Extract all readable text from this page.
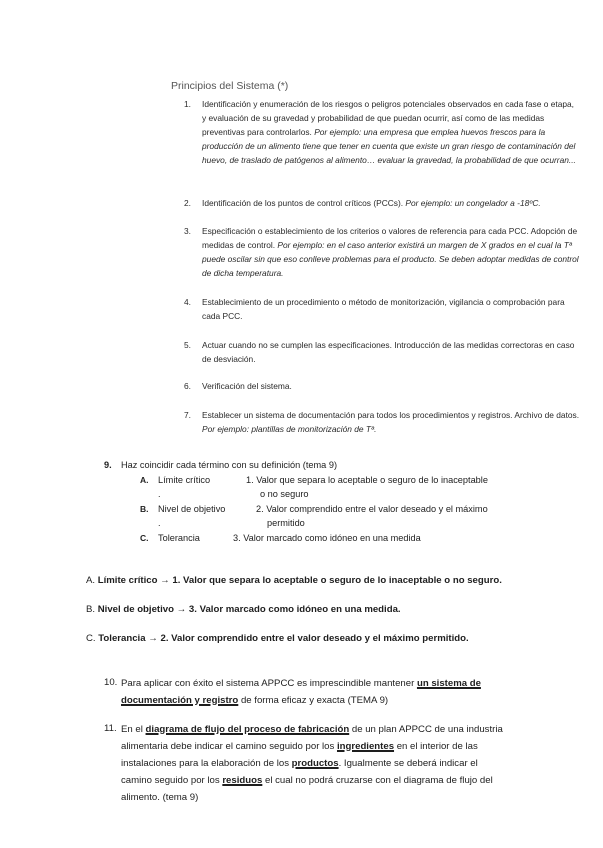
Principios del Sistema (*)
1. Identificación y enumeración de los riesgos o peligros potenciales observados en cada fase o etapa, y evaluación de su gravedad y probabilidad de que puedan ocurrir, así como de las medidas preventivas para controlarlos. Por ejemplo: una empresa que emplea huevos frescos para la producción de un alimento tiene que tener en cuenta que existe un gran riesgo de contaminación del huevo, de traslado de patógenos al alimento… evaluar la gravedad, la probabilidad de que ocurran...
2. Identificación de los puntos de control críticos (PCCs). Por ejemplo: un congelador a -18ºC.
3. Especificación o establecimiento de los criterios o valores de referencia para cada PCC. Adopción de medidas de control. Por ejemplo: en el caso anterior existirá un margen de X grados en el cual la Tª puede oscilar sin que eso conlleve problemas para el producto. Se deben adoptar medidas de control de dicha temperatura.
4. Establecimiento de un procedimiento o método de monitorización, vigilancia o comprobación para cada PCC.
5. Actuar cuando no se cumplen las especificaciones. Introducción de las medidas correctoras en caso de desviación.
6. Verificación del sistema.
7. Establecer un sistema de documentación para todos los procedimientos y registros. Archivo de datos. Por ejemplo: plantillas de monitorización de Tª.
9. Haz coincidir cada término con su definición (tema 9)
A. Límite crítico
.
1. Valor que separa lo aceptable o seguro de lo inaceptable
o no seguro
B. Nivel de objetivo
.
2. Valor comprendido entre el valor deseado y el máximo
permitido
C. Tolerancia	3. Valor marcado como idóneo en una medida
A. Límite crítico → 1. Valor que separa lo aceptable o seguro de lo inaceptable o no seguro.
B. Nivel de objetivo → 3. Valor marcado como idóneo en una medida.
C. Tolerancia → 2. Valor comprendido entre el valor deseado y el máximo permitido.
10. Para aplicar con éxito el sistema APPCC es imprescindible mantener un sistema de
documentación y registro de forma eficaz y exacta (TEMA 9)
11. En el diagrama de flujo del proceso de fabricación de un plan APPCC de una industria alimentaria debe indicar el camino seguido por los ingredientes en el interior de las instalaciones para la elaboración de los productos. Igualmente se deberá indicar el camino seguido por los residuos el cual no podrá cruzarse con el diagrama de flujo del alimento. (tema 9)
